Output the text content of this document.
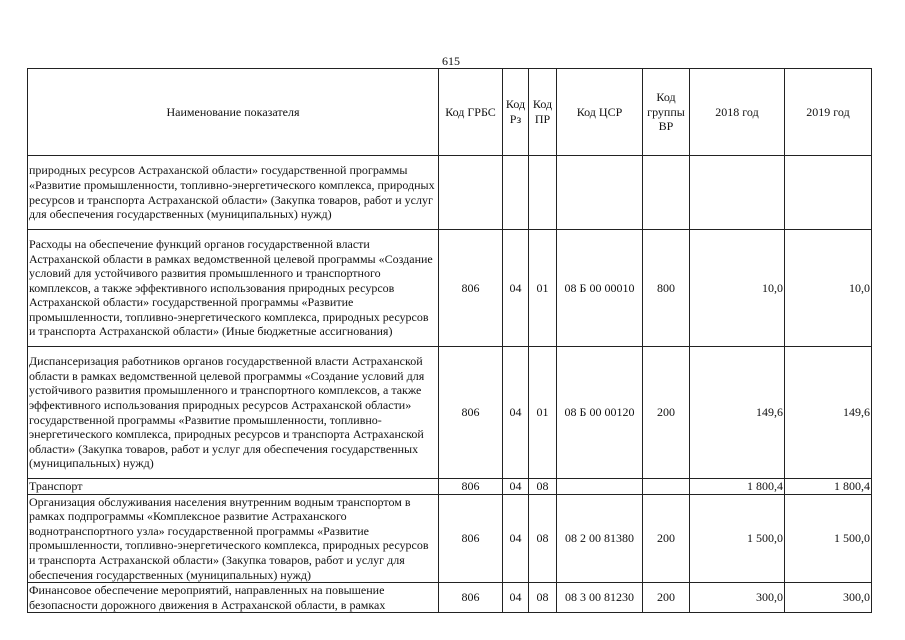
615
Наименование показателя	Код ГРБС	Код Рз	Код ПР	Код ЦСР	Код группы ВР	2018 год	2019 год
природных ресурсов Астраханской области» государственной программы «Развитие промышленности, топливно-энергетического комплекса, природных ресурсов и транспорта Астраханской области» (Закупка товаров, работ и услуг для обеспечения государственных (муниципальных) нужд)							
Расходы на обеспечение функций органов государственной власти Астраханской области в рамках ведомственной целевой программы «Создание условий для устойчивого развития промышленного и транспортного комплексов, а также эффективного использования природных ресурсов Астраханской области» государственной программы «Развитие промышленности, топливно-энергетического комплекса, природных ресурсов и транспорта Астраханской области» (Иные бюджетные ассигнования)	806	04	01	08 Б 00 00010	800	10,0	10,0
Диспансеризация работников органов государственной власти Астраханской области в рамках ведомственной целевой программы «Создание условий для устойчивого развития промышленного и транспортного комплексов, а также эффективного использования природных ресурсов Астраханской области» государственной программы «Развитие промышленности, топливно-энергетического комплекса, природных ресурсов и транспорта Астраханской области» (Закупка товаров, работ и услуг для обеспечения государственных (муниципальных) нужд)	806	04	01	08 Б 00 00120	200	149,6	149,6
Транспорт	806	04	08			1 800,4	1 800,4
Организация обслуживания населения внутренним водным транспортом в рамках подпрограммы «Комплексное развитие Астраханского воднотранспортного узла» государственной программы «Развитие промышленности, топливно-энергетического комплекса, природных ресурсов и транспорта Астраханской области» (Закупка товаров, работ и услуг для обеспечения государственных (муниципальных) нужд)	806	04	08	08 2 00 81380	200	1 500,0	1 500,0
Финансовое обеспечение мероприятий, направленных на повышение безопасности дорожного движения в Астраханской области, в рамках	806	04	08	08 3 00 81230	200	300,0	300,0
